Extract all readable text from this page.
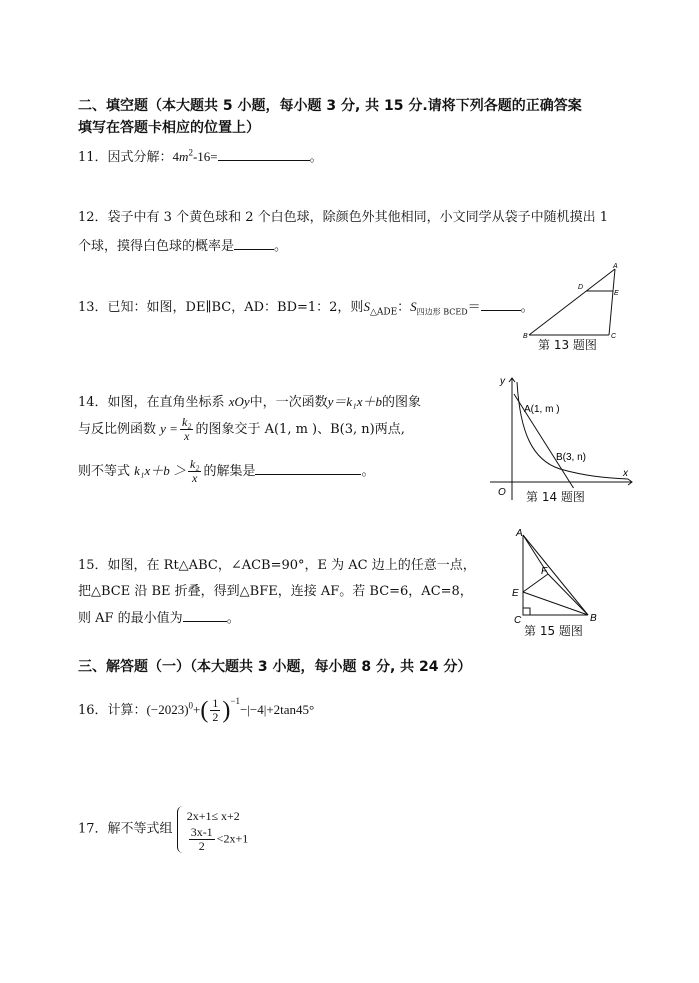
二、填空题（本大题共 5 小题，每小题 3 分, 共 15 分.请将下列各题的正确答案
填写在答题卡相应的位置上）
11．因式分解：$4m^2-16=$	。
12．袋子中有 3 个黄色球和 2 个白色球，除颜色外其他相同，小文同学从袋子中随机摸出 1
个球，摸得白色球的概率是	。
13．已知：如图，DE∥BC，AD：BD=1：2，则$S_{\triangle ADE}$：$S_{四边形 BCED}=$	。
A
D
E
B	C
第 13 题图
14．如图，在直角坐标系 xOy中，一次函数y＝k₁x＋b的图象
与反比例函数 $y = \frac{\text{k₂}}{x}$ 的图象交于 A(1, m )、B(3, n)两点,
则不等式 $k_1x+b > \frac{\text{k₂}}{x}$ 的解集是	。
y
x
O
A(1, m )
B(3, n)
第 14 题图
15．如图，在 Rt△ABC，∠ACB=90°，E 为 AC 边上的任意一点，
把△BCE 沿 BE 折叠，得到△BFE，连接 AF。若 BC=6，AC=8，
则 AF 的最小值为	。
A
F
E
C	B
第 15 题图
三、解答题（一）（本大题共 3 小题，每小题 8 分, 共 24 分）
16．计算：$(-2023)^0+( \frac{1}{2} )^{-1}-|-4|+2\tan 45^\circ$
17．解不等式组
2x+1≤ x+2
$\frac{3x-1}{2} <2x+1$
